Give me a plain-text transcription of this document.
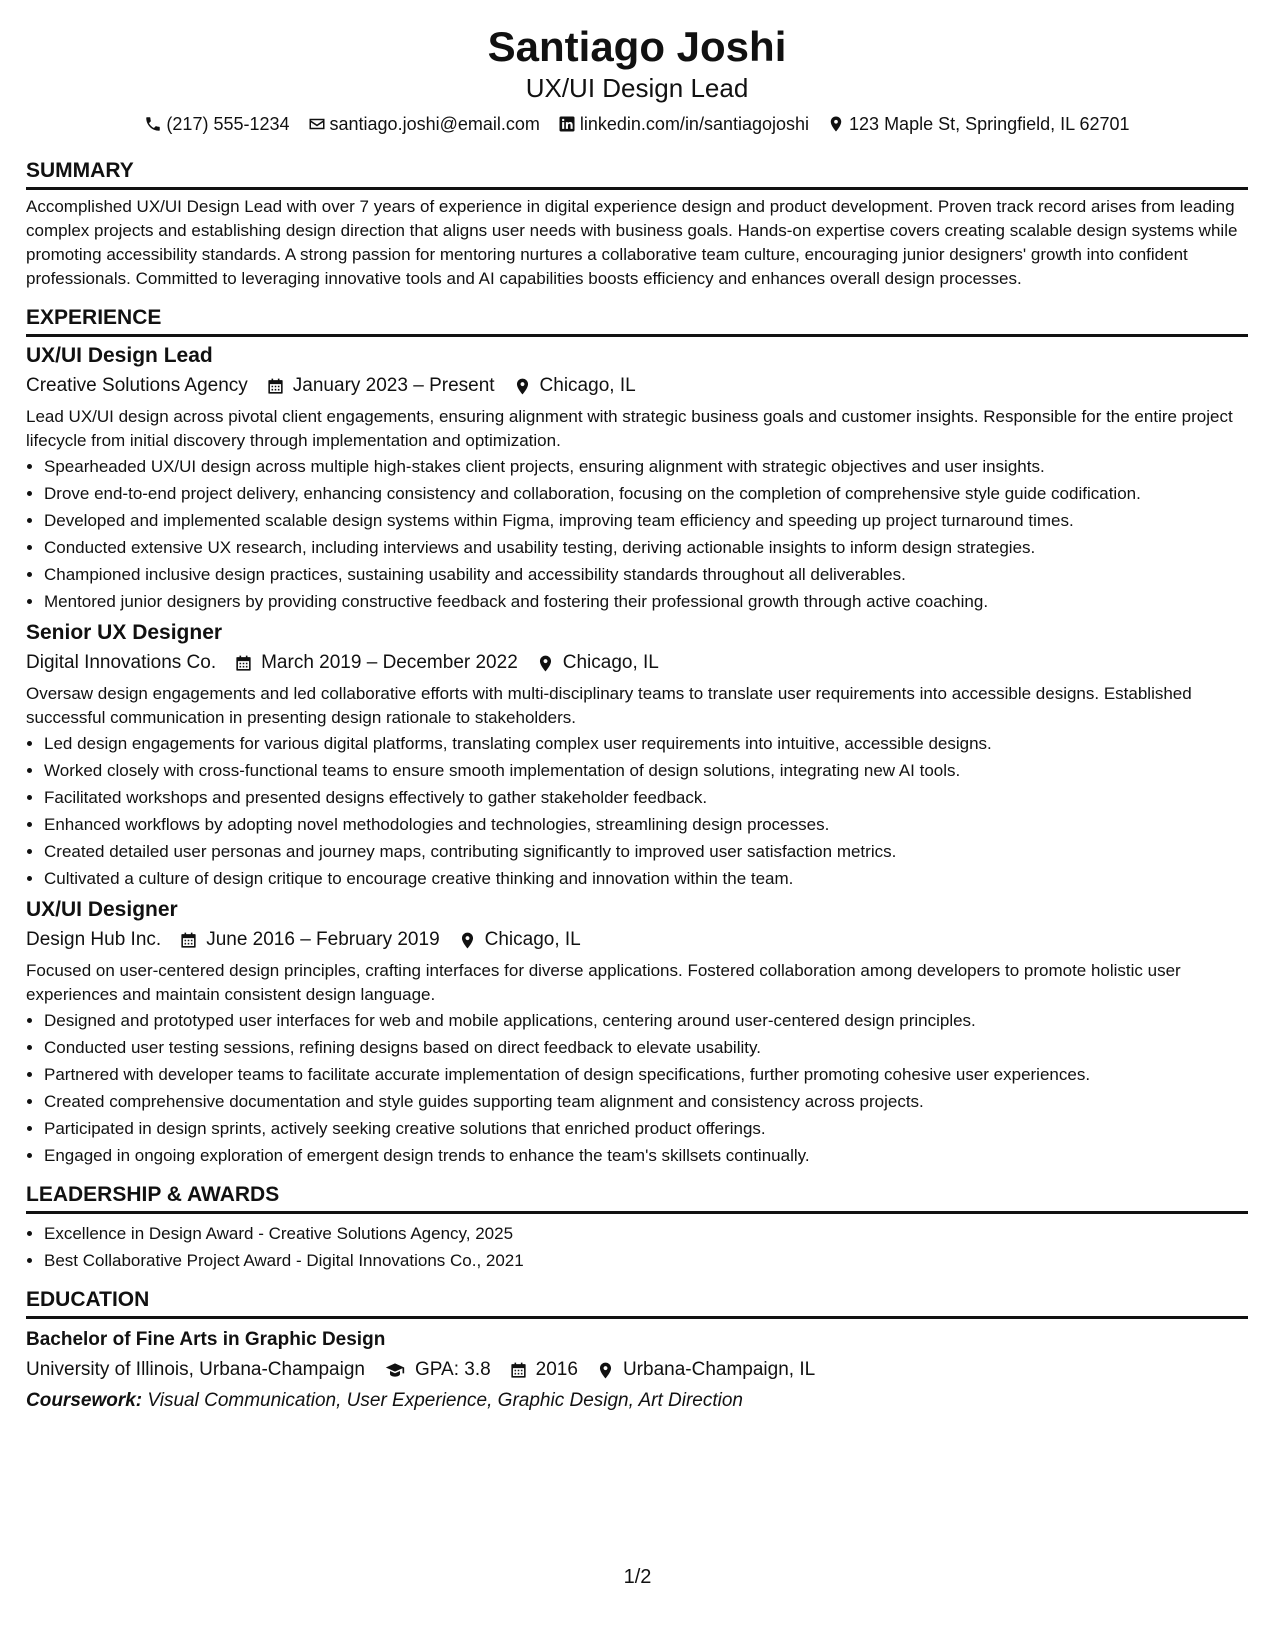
Santiago Joshi
UX/UI Design Lead
(217) 555-1234 santiago.joshi@email.com linkedin.com/in/santiagojoshi 123 Maple St, Springfield, IL 62701
SUMMARY

Accomplished UX/UI Design Lead with over 7 years of experience in digital experience design and product development. Proven track record arises from leading complex projects and establishing design direction that aligns user needs with business goals. Hands-on expertise covers creating scalable design systems while promoting accessibility standards. A strong passion for mentoring nurtures a collaborative team culture, encouraging junior designers' growth into confident professionals. Committed to leveraging innovative tools and AI capabilities boosts efficiency and enhances overall design processes.

EXPERIENCE
UX/UI Design Lead
Creative Solutions Agency January 2023 – Present Chicago, IL

Lead UX/UI design across pivotal client engagements, ensuring alignment with strategic business goals and customer insights. Responsible for the entire project lifecycle from initial discovery through implementation and optimization.

• Spearheaded UX/UI design across multiple high-stakes client projects, ensuring alignment with strategic objectives and user insights.
• Drove end-to-end project delivery, enhancing consistency and collaboration, focusing on the completion of comprehensive style guide codification.
• Developed and implemented scalable design systems within Figma, improving team efficiency and speeding up project turnaround times.
• Conducted extensive UX research, including interviews and usability testing, deriving actionable insights to inform design strategies.
• Championed inclusive design practices, sustaining usability and accessibility standards throughout all deliverables.
• Mentored junior designers by providing constructive feedback and fostering their professional growth through active coaching.
Senior UX Designer
Digital Innovations Co. March 2019 – December 2022 Chicago, IL

Oversaw design engagements and led collaborative efforts with multi-disciplinary teams to translate user requirements into accessible designs. Established successful communication in presenting design rationale to stakeholders.

• Led design engagements for various digital platforms, translating complex user requirements into intuitive, accessible designs.
• Worked closely with cross-functional teams to ensure smooth implementation of design solutions, integrating new AI tools.
• Facilitated workshops and presented designs effectively to gather stakeholder feedback.
• Enhanced workflows by adopting novel methodologies and technologies, streamlining design processes.
• Created detailed user personas and journey maps, contributing significantly to improved user satisfaction metrics.
• Cultivated a culture of design critique to encourage creative thinking and innovation within the team.
UX/UI Designer
Design Hub Inc. June 2016 – February 2019 Chicago, IL

Focused on user-centered design principles, crafting interfaces for diverse applications. Fostered collaboration among developers to promote holistic user experiences and maintain consistent design language.

• Designed and prototyped user interfaces for web and mobile applications, centering around user-centered design principles.
• Conducted user testing sessions, refining designs based on direct feedback to elevate usability.
• Partnered with developer teams to facilitate accurate implementation of design specifications, further promoting cohesive user experiences.
• Created comprehensive documentation and style guides supporting team alignment and consistency across projects.
• Participated in design sprints, actively seeking creative solutions that enriched product offerings.
• Engaged in ongoing exploration of emergent design trends to enhance the team's skillsets continually.
LEADERSHIP & AWARDS
• Excellence in Design Award - Creative Solutions Agency, 2025
• Best Collaborative Project Award - Digital Innovations Co., 2021
EDUCATION
Bachelor of Fine Arts in Graphic Design
University of Illinois, Urbana-Champaign	GPA: 3.8 2016 Urbana-Champaign, IL
Coursework: Visual Communication, User Experience, Graphic Design, Art Direction
1/2
